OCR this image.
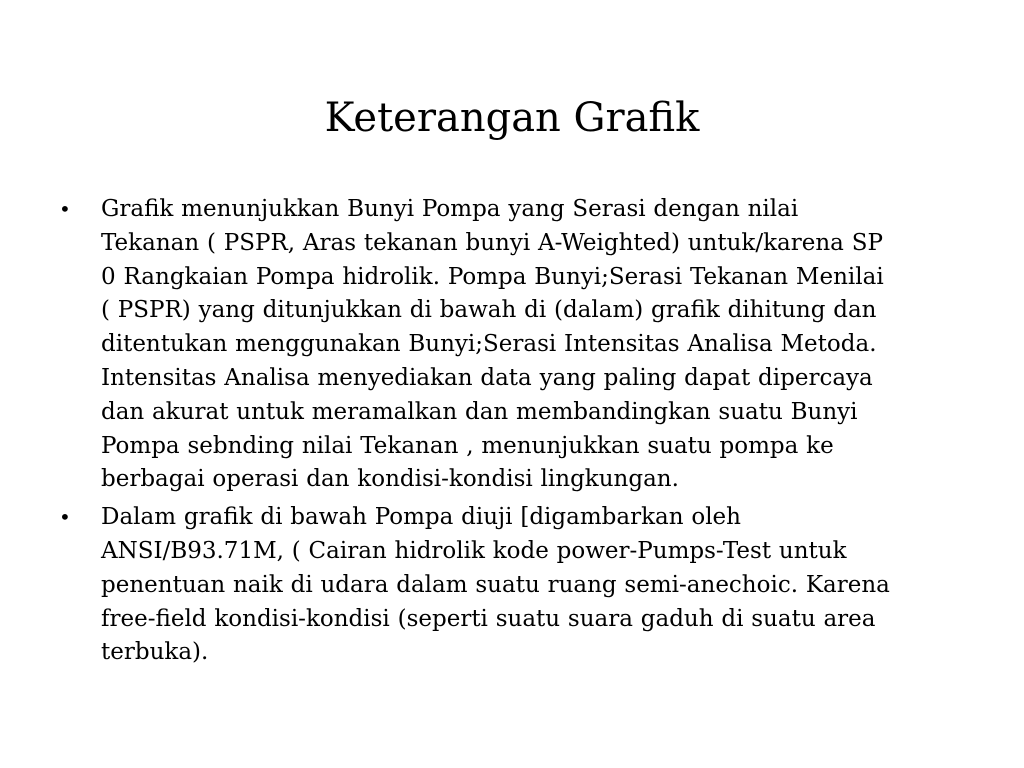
Keterangan Grafik
• Grafik menunjukkan Bunyi Pompa yang Serasi dengan nilai
Tekanan ( PSPR, Aras tekanan bunyi A-Weighted) untuk/karena SP
0 Rangkaian Pompa hidrolik. Pompa Bunyi;Serasi Tekanan Menilai
( PSPR) yang ditunjukkan di bawah di (dalam) grafik dihitung dan
ditentukan menggunakan Bunyi;Serasi Intensitas Analisa Metoda.
Intensitas Analisa menyediakan data yang paling dapat dipercaya
dan akurat untuk meramalkan dan membandingkan suatu Bunyi
Pompa sebnding nilai Tekanan , menunjukkan suatu pompa ke
berbagai operasi dan kondisi-kondisi lingkungan.
• Dalam grafik di bawah Pompa diuji [digambarkan oleh
ANSI/B93.71M, ( Cairan hidrolik kode power-Pumps-Test untuk
penentuan naik di udara dalam suatu ruang semi-anechoic. Karena
free-field kondisi-kondisi (seperti suatu suara gaduh di suatu area
terbuka).
